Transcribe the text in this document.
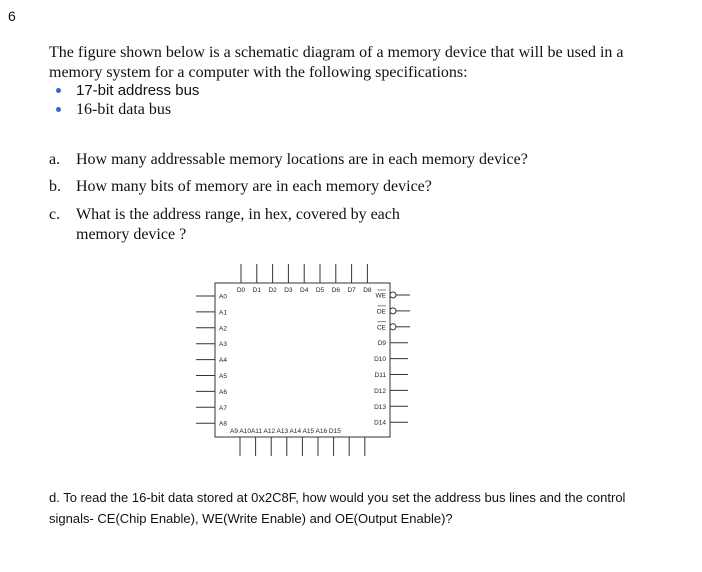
6
The figure shown below is a schematic diagram of a memory device that will be used in a memory system for a computer with the following specifications:
17-bit address bus
16-bit data bus
a. How many addressable memory locations are in each memory device?
b. How many bits of memory are in each memory device?
c. What is the address range, in hex, covered by each memory device ?
D0 D1 D2 D3 D4 D5 D6 D7 D8
A0
A1
A2
A3
A4
A5
A6
A7
A8
WE
OE
CE
D9
D10
D11
D12
D13
D14
A9 A10A11 A12 A13 A14 A15 A16 D15
d. To read the 16-bit data stored at 0x2C8F, how would you set the address bus lines and the control signals- CE(Chip Enable), WE(Write Enable) and OE(Output Enable)?
